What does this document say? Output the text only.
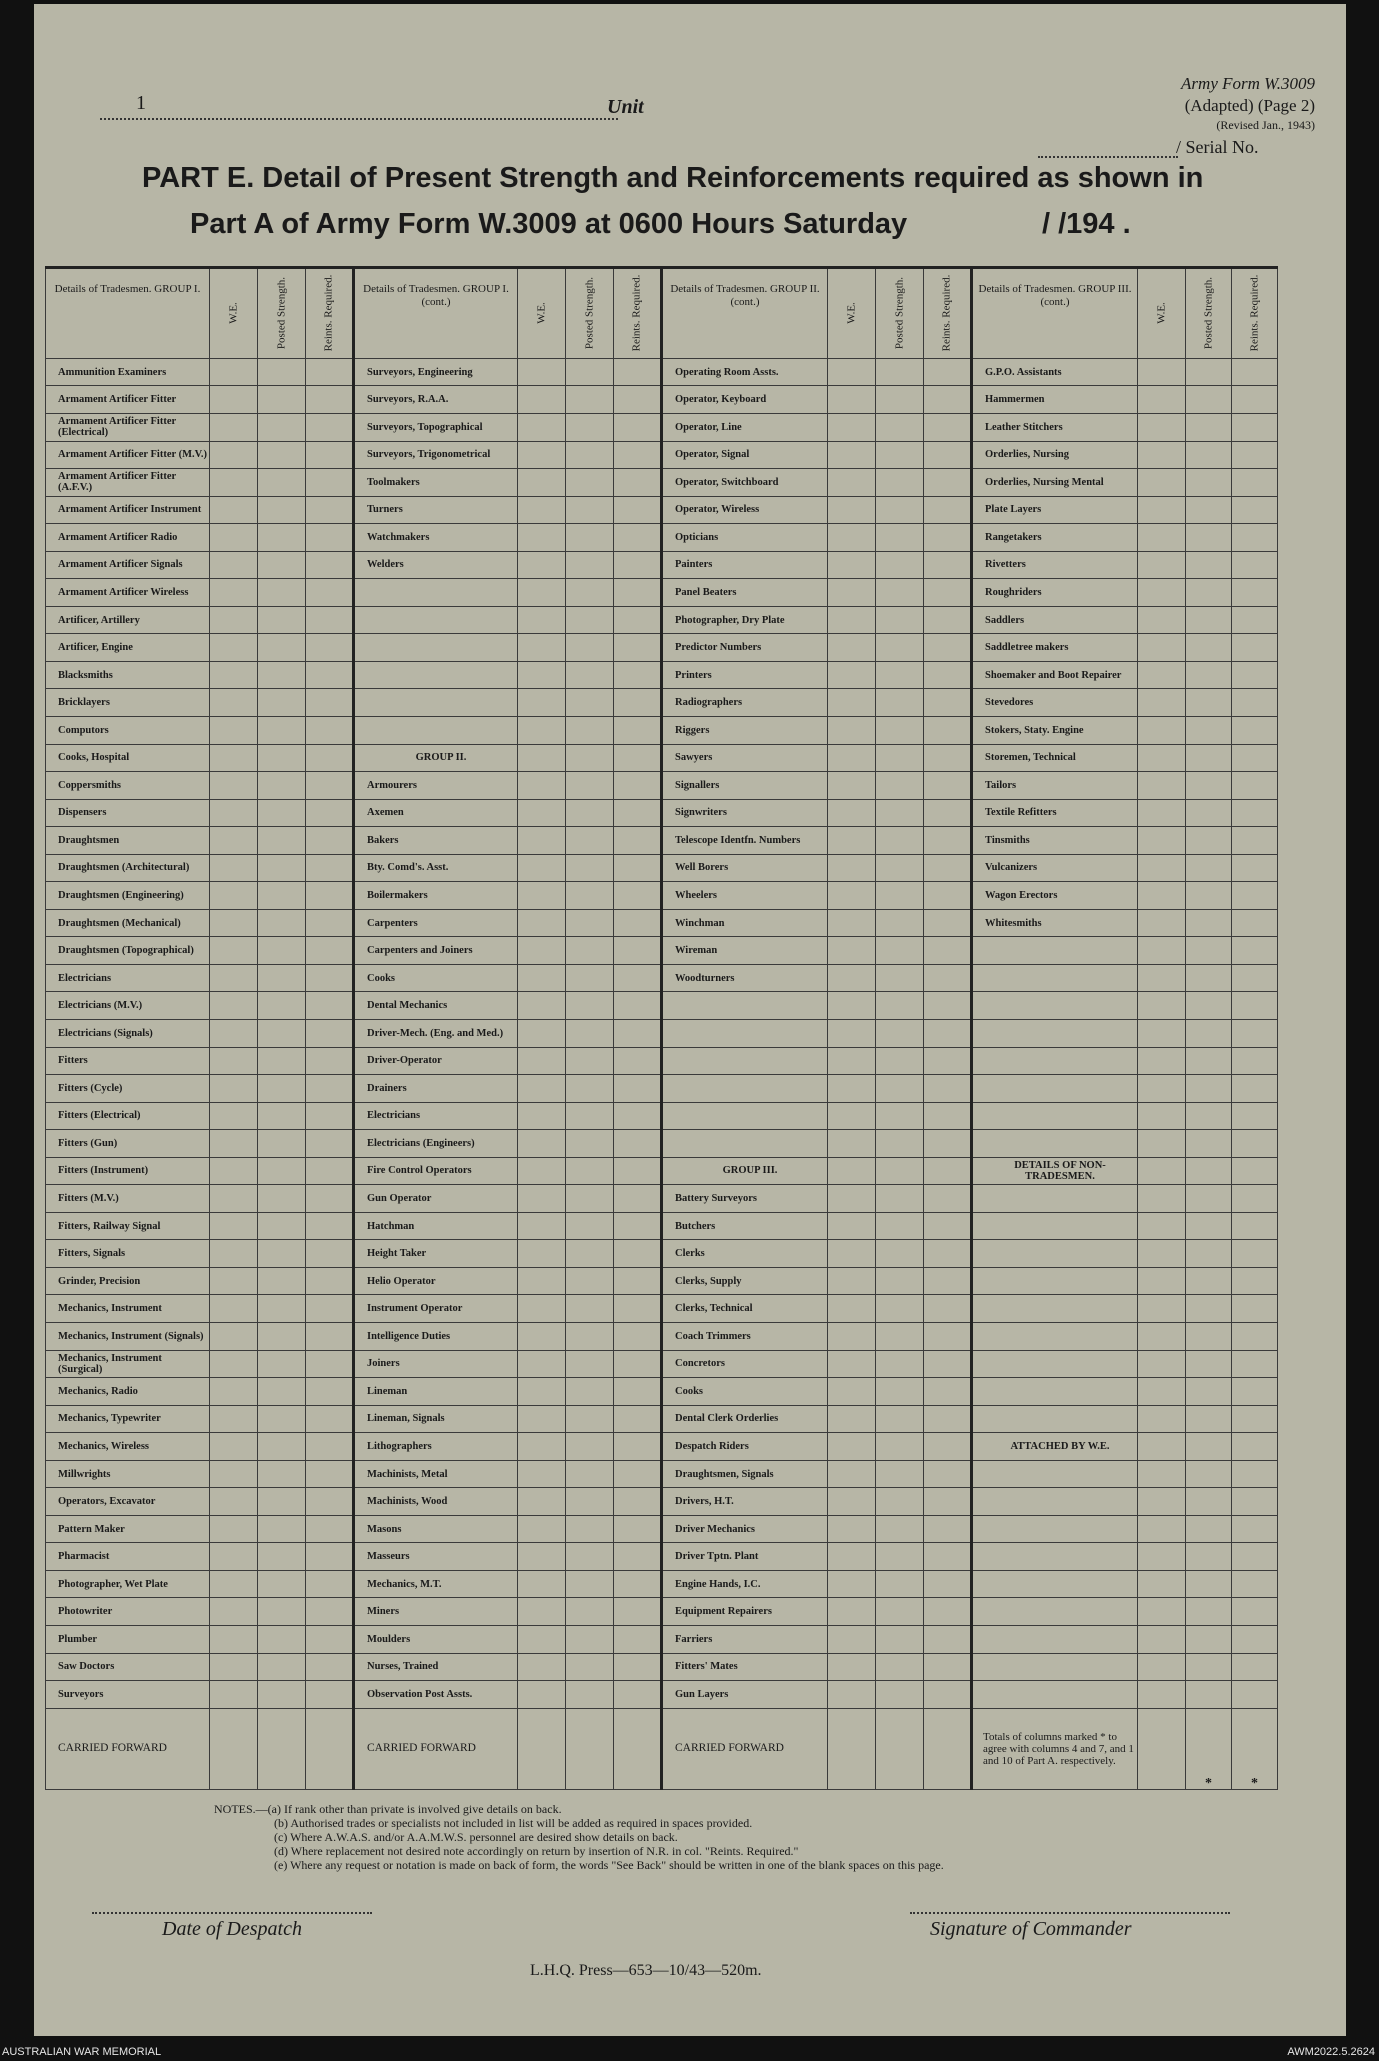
1	Unit
Army Form W.3009
(Adapted) (Page 2)
(Revised Jan., 1943)
/ Serial No.
PART E. Detail of Present Strength and Reinforcements required as shown in
Part A of Army Form W.3009 at 0600 Hours Saturday	/ /194 .
Details of Tradesmen. GROUP I.	W.E.	Posted Strength.	Reints. Required.	Details of Tradesmen. GROUP I. (cont.)	W.E.	Posted Strength.	Reints. Required.	Details of Tradesmen. GROUP II. (cont.)	W.E.	Posted Strength.	Reints. Required.	Details of Tradesmen. GROUP III. (cont.)	W.E.	Posted Strength.	Reints. Required.

Ammunition Examiners				Surveyors, Engineering				Operating Room Assts.				G.P.O. Assistants			
Armament Artificer Fitter				Surveyors, R.A.A.				Operator, Keyboard				Hammermen			
Armament Artificer Fitter (Electrical)				Surveyors, Topographical				Operator, Line				Leather Stitchers			
Armament Artificer Fitter (M.V.)				Surveyors, Trigonometrical				Operator, Signal				Orderlies, Nursing			
Armament Artificer Fitter (A.F.V.)				Toolmakers				Operator, Switchboard				Orderlies, Nursing Mental			
Armament Artificer Instrument				Turners				Operator, Wireless				Plate Layers			
Armament Artificer Radio				Watchmakers				Opticians				Rangetakers			
Armament Artificer Signals				Welders				Painters				Rivetters			
Armament Artificer Wireless								Panel Beaters				Roughriders			
Artificer, Artillery								Photographer, Dry Plate				Saddlers			
Artificer, Engine								Predictor Numbers				Saddletree makers			
Blacksmiths								Printers				Shoemaker and Boot Repairer			
Bricklayers								Radiographers				Stevedores			
Computors								Riggers				Stokers, Staty. Engine			
Cooks, Hospital				GROUP II.				Sawyers				Storemen, Technical			
Coppersmiths				Armourers				Signallers				Tailors			
Dispensers				Axemen				Signwriters				Textile Refitters			
Draughtsmen				Bakers				Telescope Identfn. Numbers				Tinsmiths			
Draughtsmen (Architectural)				Bty. Comd's. Asst.				Well Borers				Vulcanizers			
Draughtsmen (Engineering)				Boilermakers				Wheelers				Wagon Erectors			
Draughtsmen (Mechanical)				Carpenters				Winchman				Whitesmiths			
Draughtsmen (Topographical)				Carpenters and Joiners				Wireman							
Electricians				Cooks				Woodturners							
Electricians (M.V.)				Dental Mechanics											
Electricians (Signals)				Driver-Mech. (Eng. and Med.)											
Fitters				Driver-Operator											
Fitters (Cycle)				Drainers											
Fitters (Electrical)				Electricians											
Fitters (Gun)				Electricians (Engineers)											
Fitters (Instrument)				Fire Control Operators				GROUP III.				DETAILS OF NON-TRADESMEN.			
Fitters (M.V.)				Gun Operator				Battery Surveyors							
Fitters, Railway Signal				Hatchman				Butchers							
Fitters, Signals				Height Taker				Clerks							
Grinder, Precision				Helio Operator				Clerks, Supply							
Mechanics, Instrument				Instrument Operator				Clerks, Technical							
Mechanics, Instrument (Signals)				Intelligence Duties				Coach Trimmers							
Mechanics, Instrument (Surgical)				Joiners				Concretors							
Mechanics, Radio				Lineman				Cooks							
Mechanics, Typewriter				Lineman, Signals				Dental Clerk Orderlies							
Mechanics, Wireless				Lithographers				Despatch Riders				ATTACHED BY W.E.			
Millwrights				Machinists, Metal				Draughtsmen, Signals							
Operators, Excavator				Machinists, Wood				Drivers, H.T.							
Pattern Maker				Masons				Driver Mechanics							
Pharmacist				Masseurs				Driver Tptn. Plant							
Photographer, Wet Plate				Mechanics, M.T.				Engine Hands, I.C.							
Photowriter				Miners				Equipment Repairers							
Plumber				Moulders				Farriers							
Saw Doctors				Nurses, Trained				Fitters' Mates							
Surveyors				Observation Post Assts.				Gun Layers							
CARRIED FORWARD				CARRIED FORWARD				CARRIED FORWARD				Totals of columns marked * to agree with columns 4 and 7, and 1 and 10 of Part A. respectively.		*	*
NOTES.—(a) If rank other than private is involved give details on back.
(b) Authorised trades or specialists not included in list will be added as required in spaces provided.
(c) Where A.W.A.S. and/or A.A.M.W.S. personnel are desired show details on back.
(d) Where replacement not desired note accordingly on return by insertion of N.R. in col. "Reints. Required."
(e) Where any request or notation is made on back of form, the words "See Back" should be written in one of the blank spaces on this page.
Date of Despatch	Signature of Commander
L.H.Q. Press—653—10/43—520m.
AUSTRALIAN WAR MEMORIAL	AWM2022.5.2624
